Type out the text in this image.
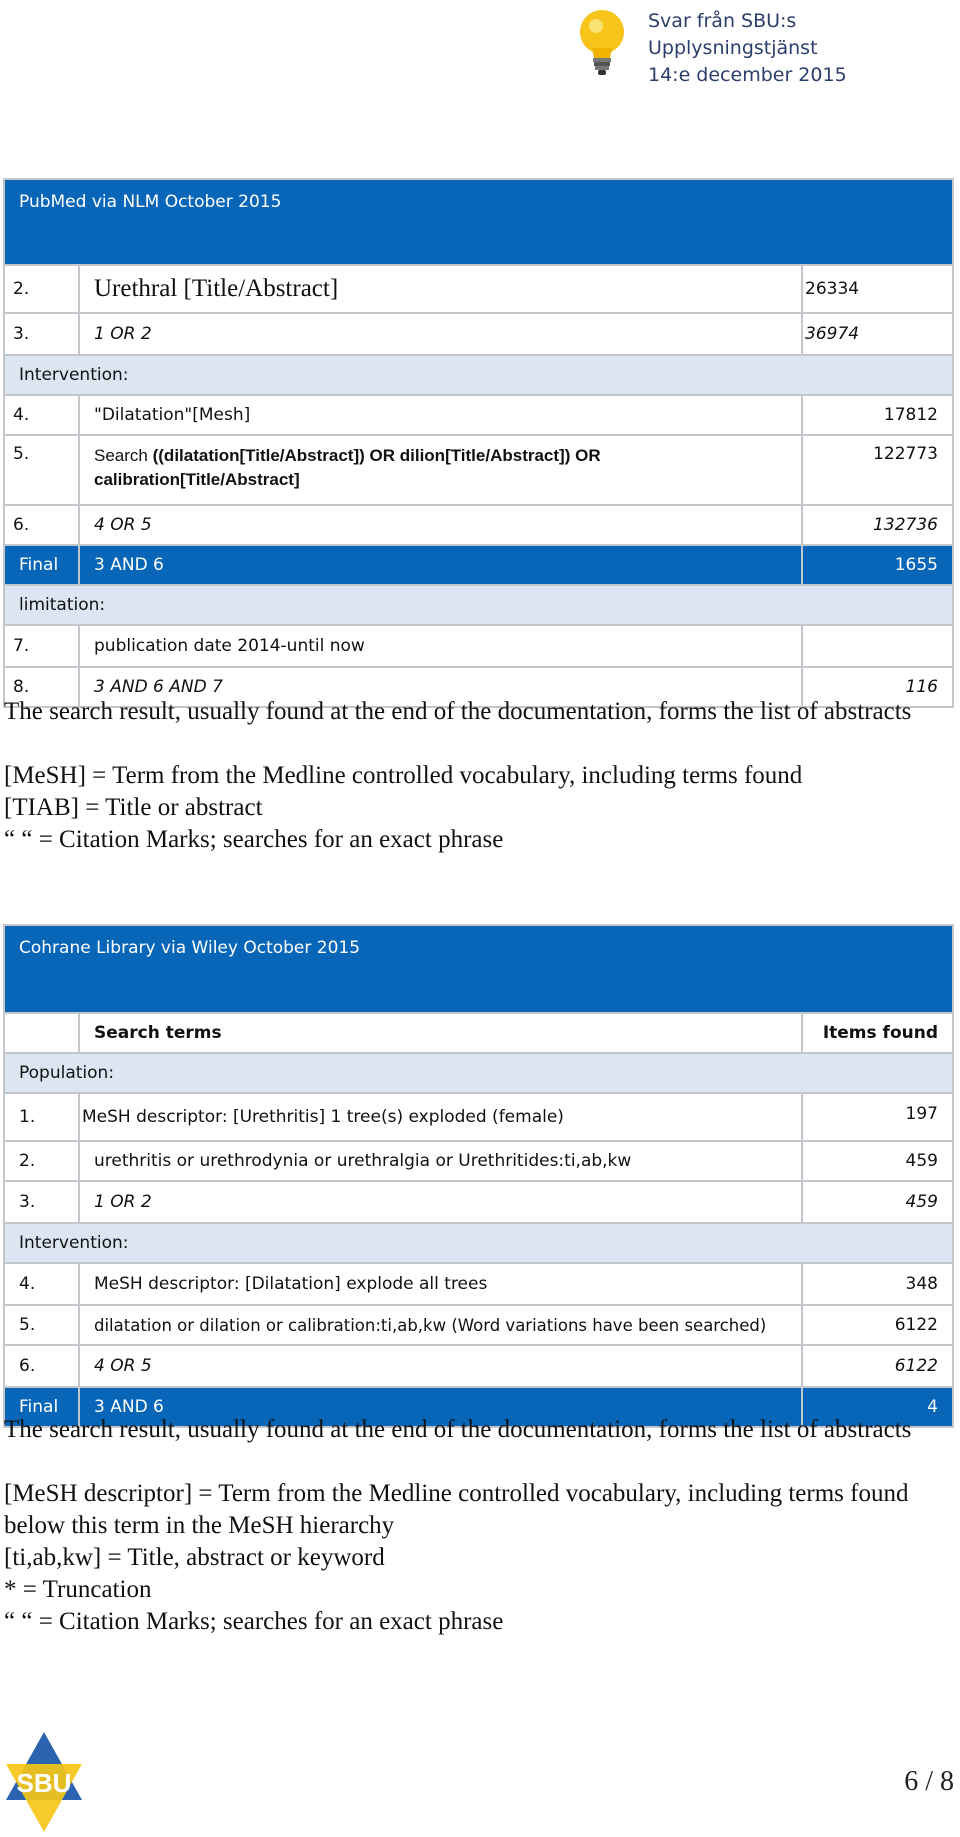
Svar från SBU:s Upplysningstjänst
14:e december 2015
PubMed via NLM October 2015		
2.	Urethral [Title/Abstract]	26334
3.	1 OR 2	36974
Intervention:		
4.	"Dilatation"[Mesh]	17812
5.	Search ((dilatation[Title/Abstract]) OR dilion[Title/Abstract]) OR calibration[Title/Abstract]	122773
6.	4 OR 5	132736
Final	3 AND 6	1655
limitation:		
7.	publication date 2014-until now	
8.	3 AND 6 AND 7	116

The search result, usually found at the end of the documentation, forms the list of abstracts

[MeSH] = Term from the Medline controlled vocabulary, including terms found

[TIAB] = Title or abstract

“ “ = Citation Marks; searches for an exact phrase

Cohrane Library via Wiley October 2015		
	Search terms	Items found
Population:		
1.	MeSH descriptor: [Urethritis] 1 tree(s) exploded (female)	197
2.	urethritis or urethrodynia or urethralgia or Urethritides:ti,ab,kw	459
3.	1 OR 2	459
Intervention:		
4.	MeSH descriptor: [Dilatation] explode all trees	348
5.	dilatation or dilation or calibration:ti,ab,kw (Word variations have been searched)	6122
6.	4 OR 5	6122
Final	3 AND 6	4

The search result, usually found at the end of the documentation, forms the list of abstracts

[MeSH descriptor] = Term from the Medline controlled vocabulary, including terms found below this term in the MeSH hierarchy

[ti,ab,kw] = Title, abstract or keyword

* = Truncation

“ “ = Citation Marks; searches for an exact phrase

SBU	6 / 8
